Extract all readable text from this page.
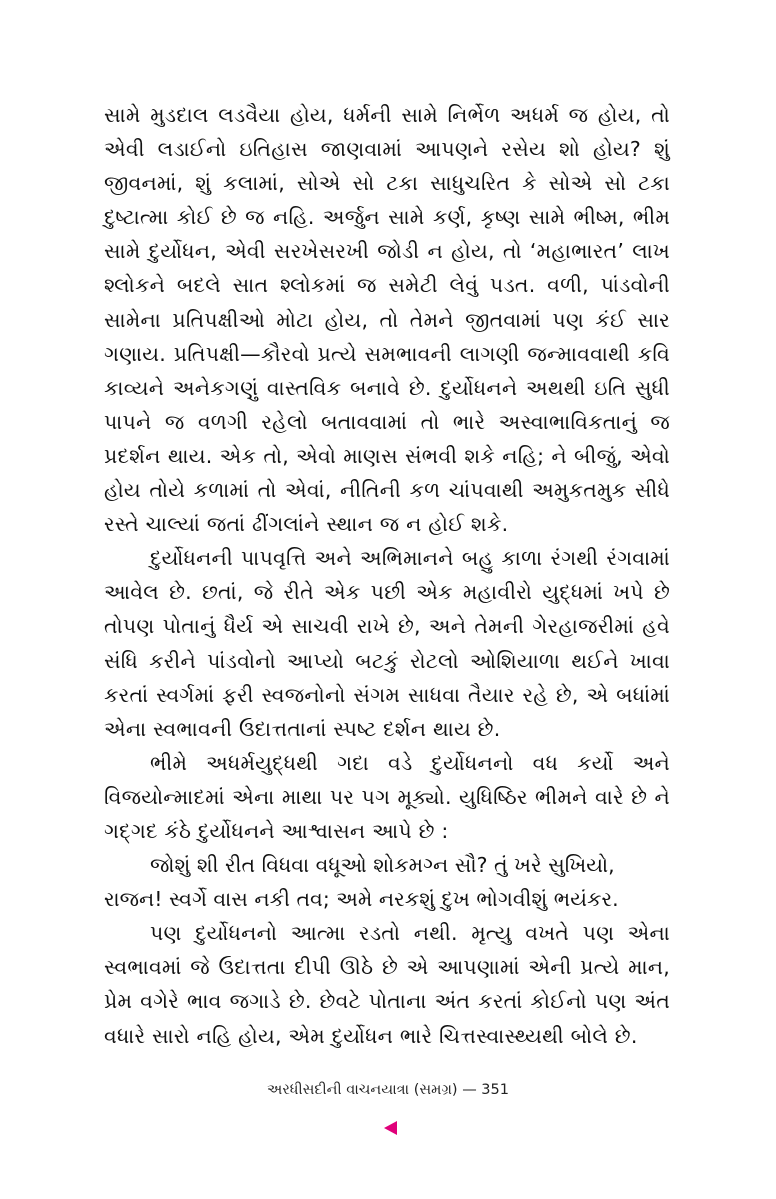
સામે મુડદાલ લડવૈયા હોય, ધર્મની સામે નિર્ભેળ અધર્મ જ હોય, તો એવી લડાઈનો ઇતિહાસ જાણવામાં આપણને રસેય શો હોય? શું જીવનમાં, શું કલામાં, સોએ સો ટકા સાધુચરિત કે સોએ સો ટકા દુષ્ટાત્મા કોઈ છે જ નહિ. અર્જુન સામે કર્ણ, કૃષ્ણ સામે ભીષ્મ, ભીમ સામે દુર્યોધન, એવી સરખેસરખી જોડી ન હોય, તો ‘મહાભારત’ લાખ શ્લોકને બદલે સાત શ્લોકમાં જ સમેટી લેવું પડત. વળી, પાંડવોની સામેના પ્રતિપક્ષીઓ મોટા હોય, તો તેમને જીતવામાં પણ કંઈ સાર ગણાય. પ્રતિપક્ષી—કૌરવો પ્રત્યે સમભાવની લાગણી જન્માવવાથી કવિ કાવ્યને અનેકગણું વાસ્તવિક બનાવે છે. દુર્યોધનને અથથી ઇતિ સુધી પાપને જ વળગી રહેલો બતાવવામાં તો ભારે અસ્વાભાવિકતાનું જ પ્રદર્શન થાય. એક તો, એવો માણસ સંભવી શકે નહિ; ને બીજું, એવો હોય તોયે કળામાં તો એવાં, નીતિની કળ ચાંપવાથી અમુકતમુક સીધે રસ્તે ચાલ્યાં જતાં ઢીંગલાંને સ્થાન જ ન હોઈ શકે.

દુર્યોધનની પાપવૃત્તિ અને અભિમાનને બહુ કાળા રંગથી રંગવામાં આવેલ છે. છતાં, જે રીતે એક પછી એક મહાવીરો યુદ્ધમાં ખપે છે તોપણ પોતાનું ધૈર્ય એ સાચવી રાખે છે, અને તેમની ગેરહાજરીમાં હવે સંધિ કરીને પાંડવોનો આપ્યો બટકું રોટલો ઓશિયાળા થઈને ખાવા કરતાં સ્વર્ગમાં ફરી સ્વજનોનો સંગમ સાધવા તૈયાર રહે છે, એ બધાંમાં એના સ્વભાવની ઉદાત્તતાનાં સ્પષ્ટ દર્શન થાય છે.

ભીમે અધર્મયુદ્ધથી ગદા વડે દુર્યોધનનો વધ કર્યો અને વિજયોન્માદમાં એના માથા પર પગ મૂક્યો. યુધિષ્ઠિર ભીમને વારે છે ને ગદ્ગદ કંઠે દુર્યોધનને આશ્વાસન આપે છે :

જોશું શી રીત વિધવા વધૂઓ શોકમગ્ન સૌ? તું ખરે સુખિયો,
રાજન! સ્વર્ગે વાસ નકી તવ; અમે નરકશું દુખ ભોગવીશું ભયંકર.

પણ દુર્યોધનનો આત્મા રડતો નથી. મૃત્યુ વખતે પણ એના સ્વભાવમાં જે ઉદાત્તતા દીપી ઊઠે છે એ આપણામાં એની પ્રત્યે માન, પ્રેમ વગેરે ભાવ જગાડે છે. છેવટે પોતાના અંત કરતાં કોઈનો પણ અંત વધારે સારો નહિ હોય, એમ દુર્યોધન ભારે ચિત્તસ્વાસ્થ્યથી બોલે છે.

અરધીસદીની વાચનયાત્રા (સમગ્ર) — 351
